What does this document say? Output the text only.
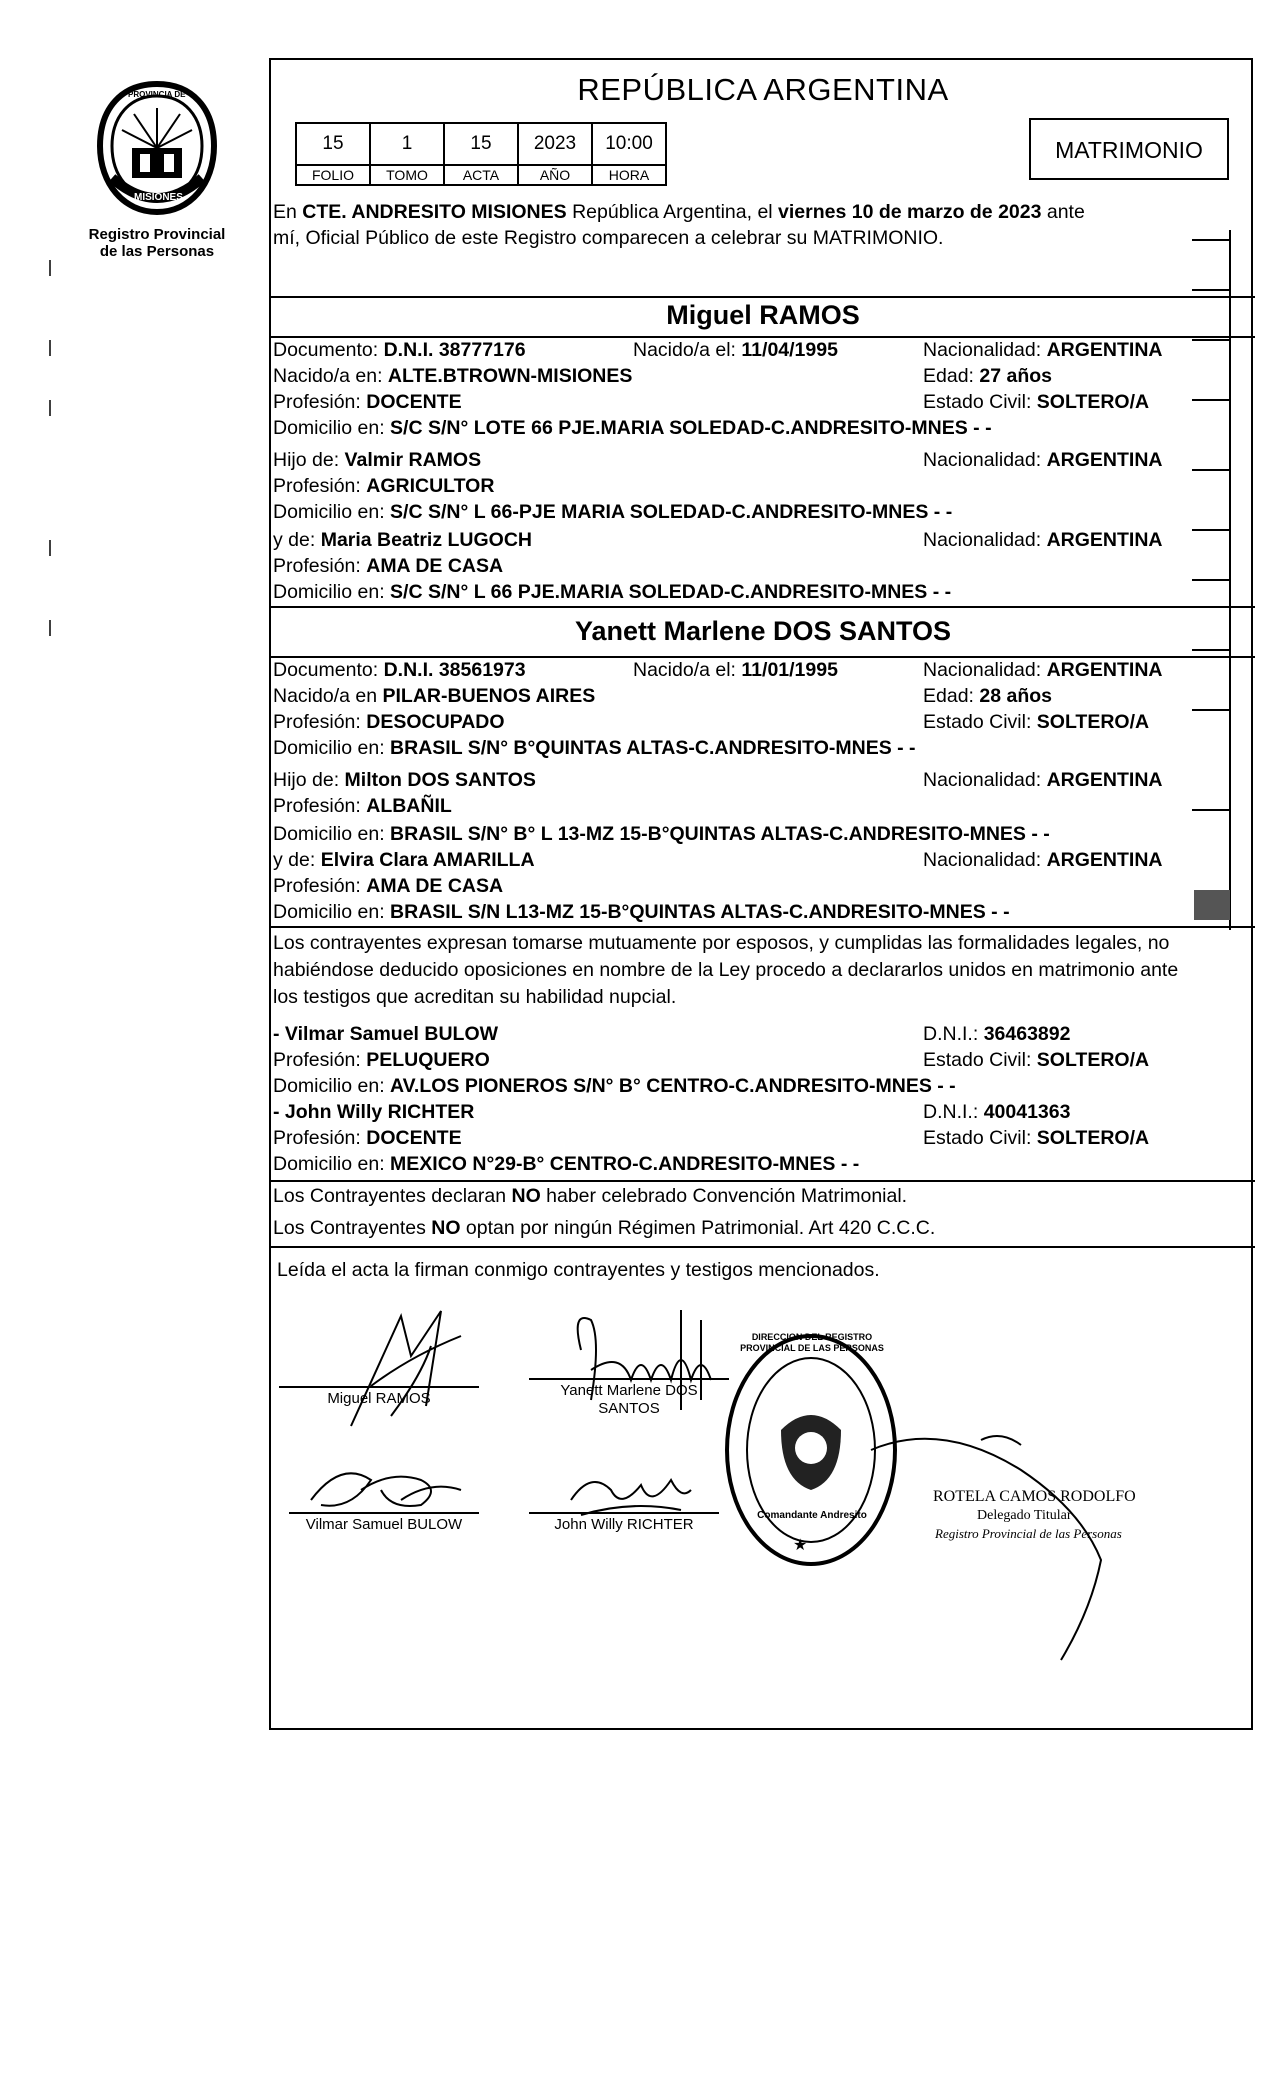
PROVINCIA DE
MISIONES
Registro Provincial
de las Personas
REPÚBLICA ARGENTINA
15	1	15	2023	10:00
FOLIO	TOMO	ACTA	AÑO	HORA
MATRIMONIO
En CTE. ANDRESITO MISIONES República Argentina, el viernes 10 de marzo de 2023 ante
mí, Oficial Público de este Registro comparecen a celebrar su MATRIMONIO.
Miguel RAMOS
Documento: D.N.I. 38777176	Nacido/a el: 11/04/1995	Nacionalidad: ARGENTINA
Nacido/a en: ALTE.BTROWN-MISIONES	Edad: 27 años
Profesión: DOCENTE	Estado Civil: SOLTERO/A
Domicilio en: S/C S/N° LOTE 66 PJE.MARIA SOLEDAD-C.ANDRESITO-MNES - -
Hijo de: Valmir RAMOS	Nacionalidad: ARGENTINA
Profesión: AGRICULTOR
Domicilio en: S/C S/N° L 66-PJE MARIA SOLEDAD-C.ANDRESITO-MNES - -
y de: Maria Beatriz LUGOCH	Nacionalidad: ARGENTINA
Profesión: AMA DE CASA
Domicilio en: S/C S/N° L 66 PJE.MARIA SOLEDAD-C.ANDRESITO-MNES - -
Yanett Marlene DOS SANTOS
Documento: D.N.I. 38561973	Nacido/a el: 11/01/1995	Nacionalidad: ARGENTINA
Nacido/a en PILAR-BUENOS AIRES	Edad: 28 años
Profesión: DESOCUPADO	Estado Civil: SOLTERO/A
Domicilio en: BRASIL S/N° B°QUINTAS ALTAS-C.ANDRESITO-MNES - -
Hijo de: Milton DOS SANTOS	Nacionalidad: ARGENTINA
Profesión: ALBAÑIL
Domicilio en: BRASIL S/N° B° L 13-MZ 15-B°QUINTAS ALTAS-C.ANDRESITO-MNES - -
y de: Elvira Clara AMARILLA	Nacionalidad: ARGENTINA
Profesión: AMA DE CASA
Domicilio en: BRASIL S/N L13-MZ 15-B°QUINTAS ALTAS-C.ANDRESITO-MNES - -
Los contrayentes expresan tomarse mutuamente por esposos, y cumplidas las formalidades legales, no
habiéndose deducido oposiciones en nombre de la Ley procedo a declararlos unidos en matrimonio ante
los testigos que acreditan su habilidad nupcial.
- Vilmar Samuel BULOW	D.N.I.: 36463892
Profesión: PELUQUERO	Estado Civil: SOLTERO/A
Domicilio en: AV.LOS PIONEROS S/N° B° CENTRO-C.ANDRESITO-MNES - -
- John Willy RICHTER	D.N.I.: 40041363
Profesión: DOCENTE	Estado Civil: SOLTERO/A
Domicilio en: MEXICO N°29-B° CENTRO-C.ANDRESITO-MNES - -
Los Contrayentes declaran NO haber celebrado Convención Matrimonial.
Los Contrayentes NO optan por ningún Régimen Patrimonial. Art 420 C.C.C.
Leída el acta la firman conmigo contrayentes y testigos mencionados.
Miguel RAMOS	Yanett Marlene DOS
SANTOS
Vilmar Samuel BULOW	John Willy RICHTER
★
DIRECCION DEL REGISTRO PROVINCIAL DE LAS PERSONAS
Comandante Andresito
ROTELA CAMOS RODOLFO
Delegado Titular
Registro Provincial de las Personas
